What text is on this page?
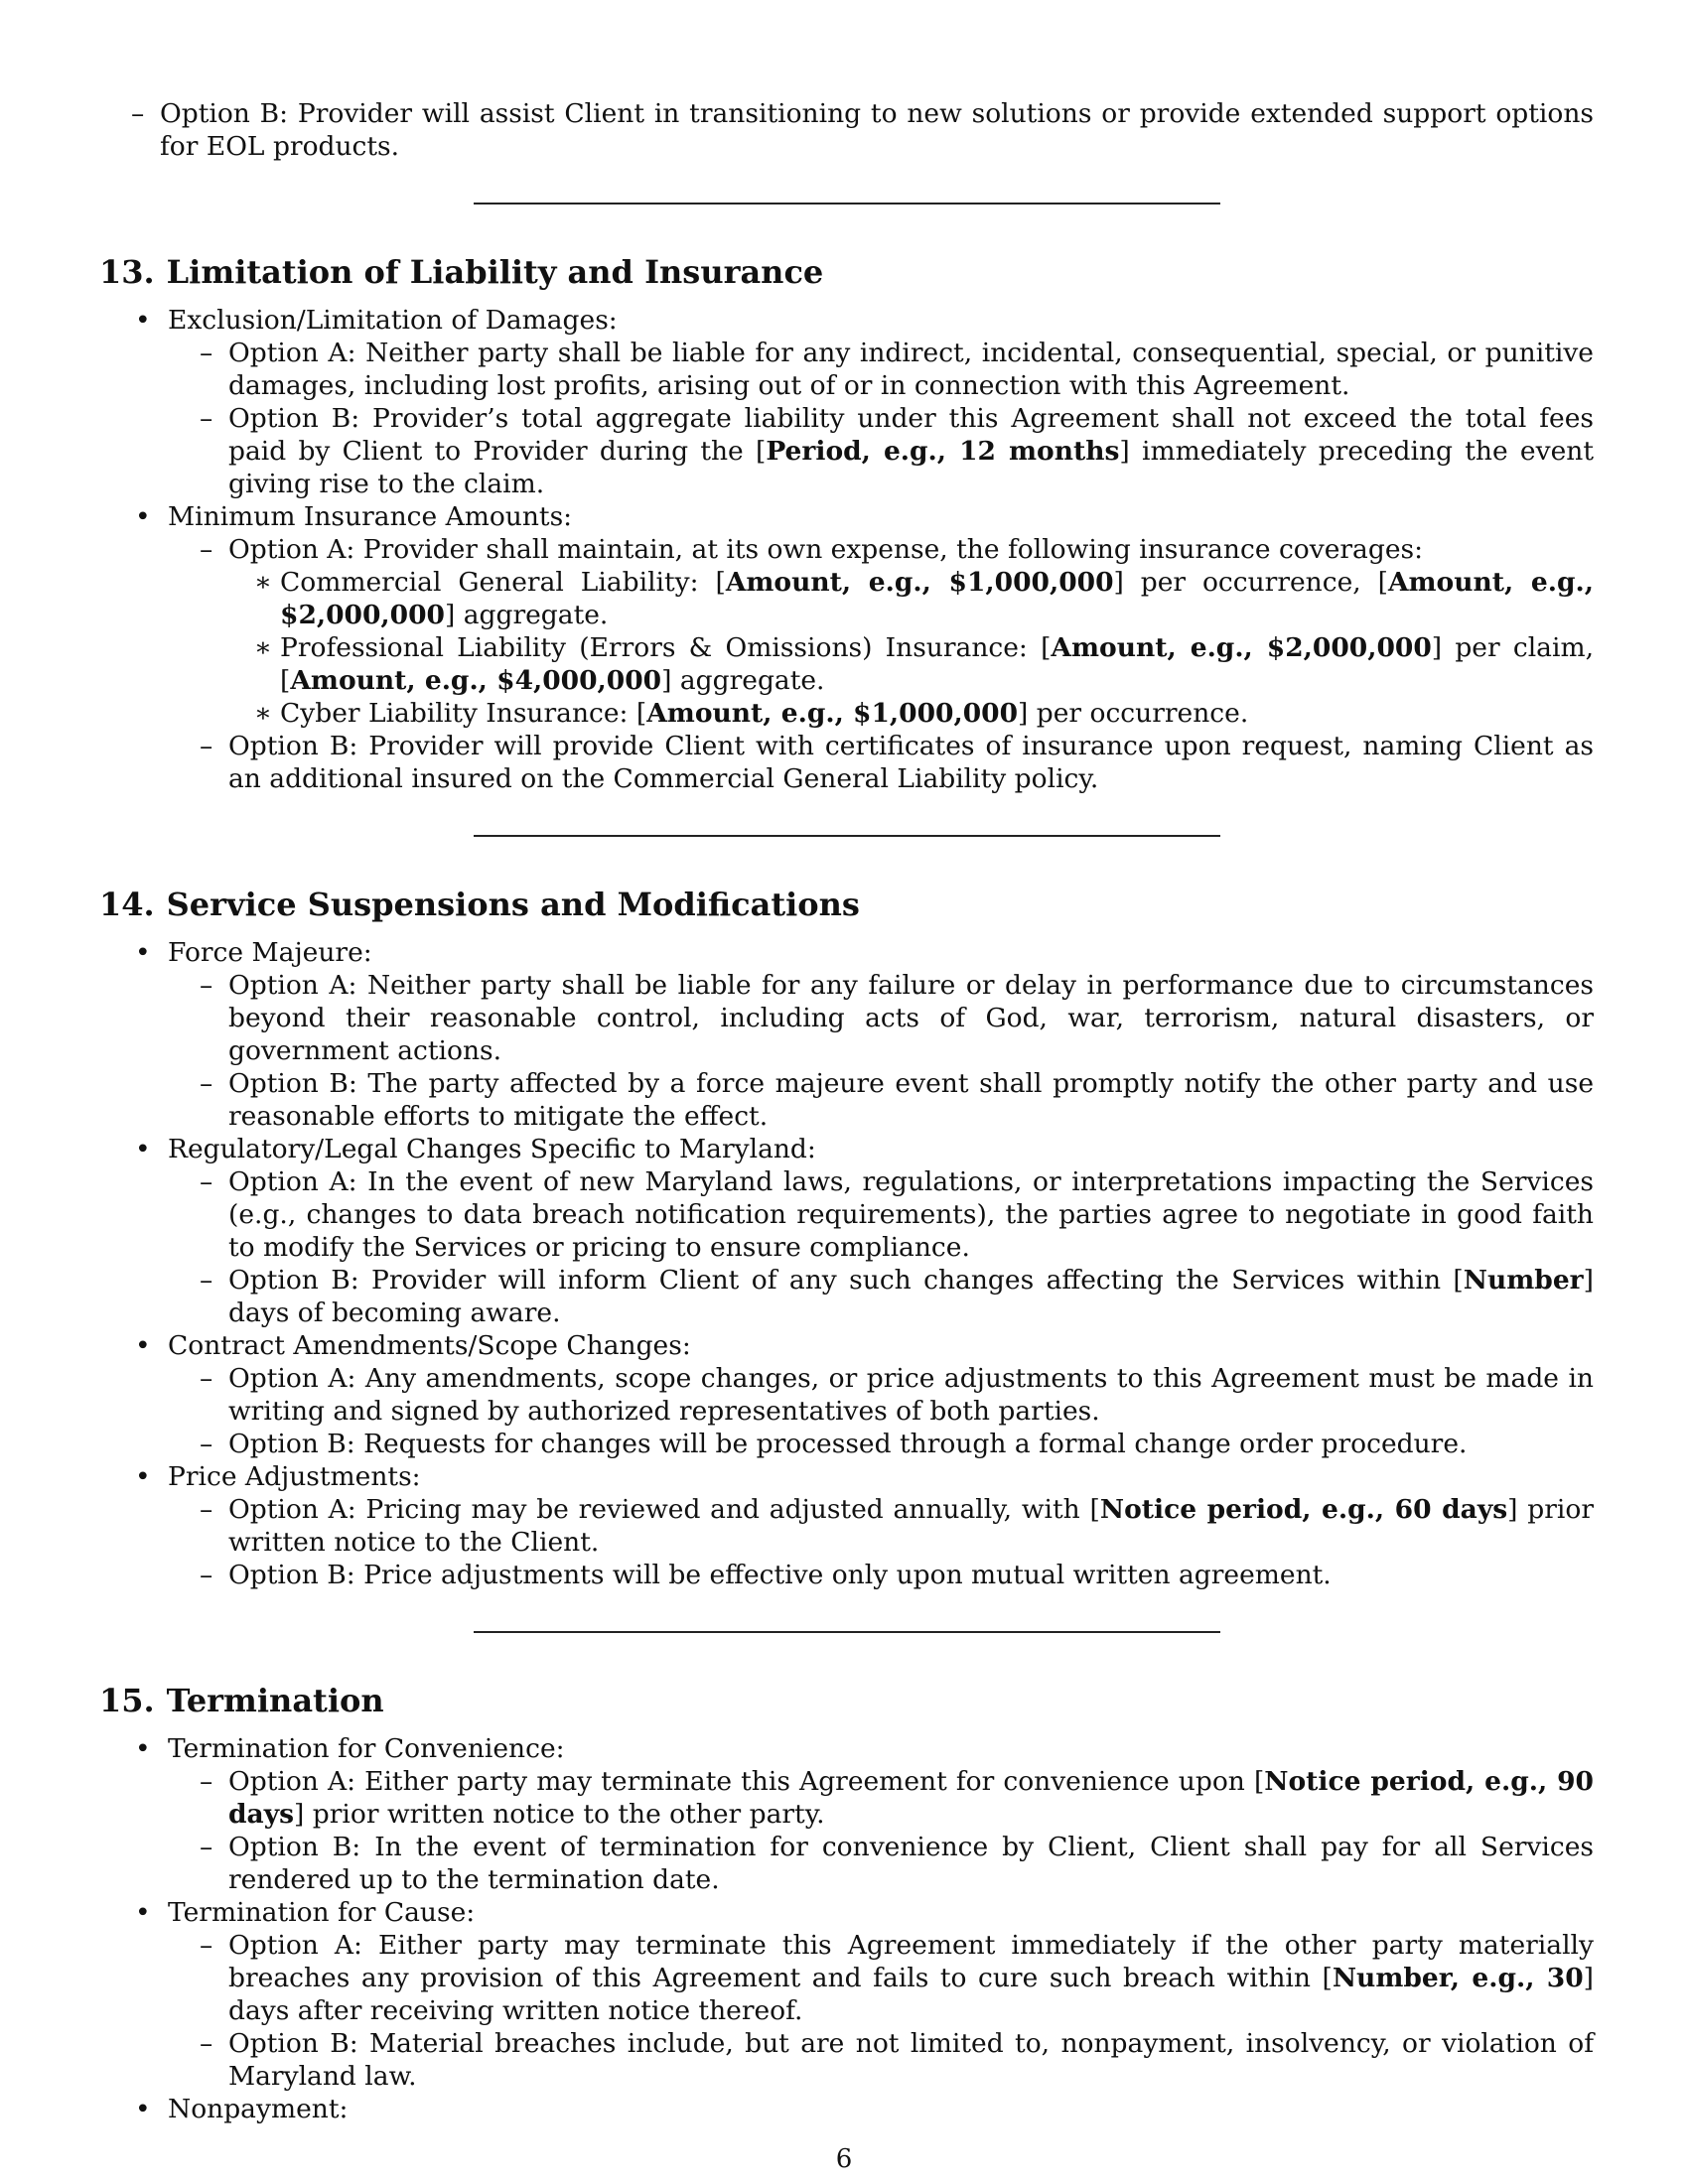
– Option B: Provider will assist Client in transitioning to new solutions or provide extended support options for EOL products.
13. Limitation of Liability and Insurance
• Exclusion/Limitation of Damages:
– Option A: Neither party shall be liable for any indirect, incidental, consequential, special, or punitive damages, including lost profits, arising out of or in connection with this Agreement.
– Option B: Provider’s total aggregate liability under this Agreement shall not exceed the total fees paid by Client to Provider during the [Period, e.g., 12 months] immediately preceding the event giving rise to the claim.
• Minimum Insurance Amounts:
– Option A: Provider shall maintain, at its own expense, the following insurance coverages:
∗ Commercial General Liability: [Amount, e.g., $1,000,000] per occurrence, [Amount, e.g., $2,000,000] aggregate.
∗ Professional Liability (Errors & Omissions) Insurance: [Amount, e.g., $2,000,000] per claim, [Amount, e.g., $4,000,000] aggregate.
∗ Cyber Liability Insurance: [Amount, e.g., $1,000,000] per occurrence.
– Option B: Provider will provide Client with certificates of insurance upon request, naming Client as an additional insured on the Commercial General Liability policy.
14. Service Suspensions and Modifications
• Force Majeure:
– Option A: Neither party shall be liable for any failure or delay in performance due to circumstances beyond their reasonable control, including acts of God, war, terrorism, natural disasters, or government actions.
– Option B: The party affected by a force majeure event shall promptly notify the other party and use reasonable efforts to mitigate the effect.
• Regulatory/Legal Changes Specific to Maryland:
– Option A: In the event of new Maryland laws, regulations, or interpretations impacting the Services (e.g., changes to data breach notification requirements), the parties agree to negotiate in good faith to modify the Services or pricing to ensure compliance.
– Option B: Provider will inform Client of any such changes affecting the Services within [Number] days of becoming aware.
• Contract Amendments/Scope Changes:
– Option A: Any amendments, scope changes, or price adjustments to this Agreement must be made in writing and signed by authorized representatives of both parties.
– Option B: Requests for changes will be processed through a formal change order procedure.
• Price Adjustments:
– Option A: Pricing may be reviewed and adjusted annually, with [Notice period, e.g., 60 days] prior written notice to the Client.
– Option B: Price adjustments will be effective only upon mutual written agreement.
15. Termination
• Termination for Convenience:
– Option A: Either party may terminate this Agreement for convenience upon [Notice period, e.g., 90 days] prior written notice to the other party.
– Option B: In the event of termination for convenience by Client, Client shall pay for all Services rendered up to the termination date.
• Termination for Cause:
– Option A: Either party may terminate this Agreement immediately if the other party materially breaches any provision of this Agreement and fails to cure such breach within [Number, e.g., 30] days after receiving written notice thereof.
– Option B: Material breaches include, but are not limited to, nonpayment, insolvency, or violation of Maryland law.
• Nonpayment:
6
